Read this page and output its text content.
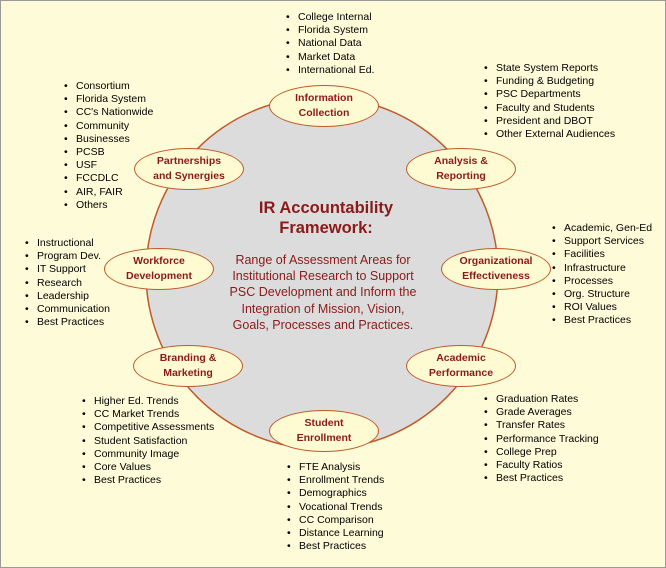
IR Accountability
Framework:
Range of Assessment Areas for Institutional Research to Support PSC Development and Inform the Integration of Mission, Vision, Goals, Processes and Practices.
Information
Collection
• College Internal
• Florida System
• National Data
• Market Data
• International Ed.
Analysis &
Reporting
• State System Reports
• Funding & Budgeting
• PSC Departments
• Faculty and Students
• President and DBOT
• Other External Audiences
Organizational
Effectiveness
• Academic, Gen-Ed
• Support Services
• Facilities
• Infrastructure
• Processes
• Org. Structure
• ROI Values
• Best Practices
Academic
Performance
• Graduation Rates
• Grade Averages
• Transfer Rates
• Performance Tracking
• College Prep
• Faculty Ratios
• Best Practices
Student
Enrollment
• FTE Analysis
• Enrollment Trends
• Demographics
• Vocational Trends
• CC Comparison
• Distance Learning
• Best Practices
Branding &
Marketing
• Higher Ed. Trends
• CC Market Trends
• Competitive Assessments
• Student Satisfaction
• Community Image
• Core Values
• Best Practices
Workforce
Development
• Instructional
• Program Dev.
• IT Support
• Research
• Leadership
• Communication
• Best Practices
Partnerships
and Synergies
• Consortium
• Florida System
• CC's Nationwide
• Community
• Businesses
• PCSB
• USF
• FCCDLC
• AIR, FAIR
• Others
